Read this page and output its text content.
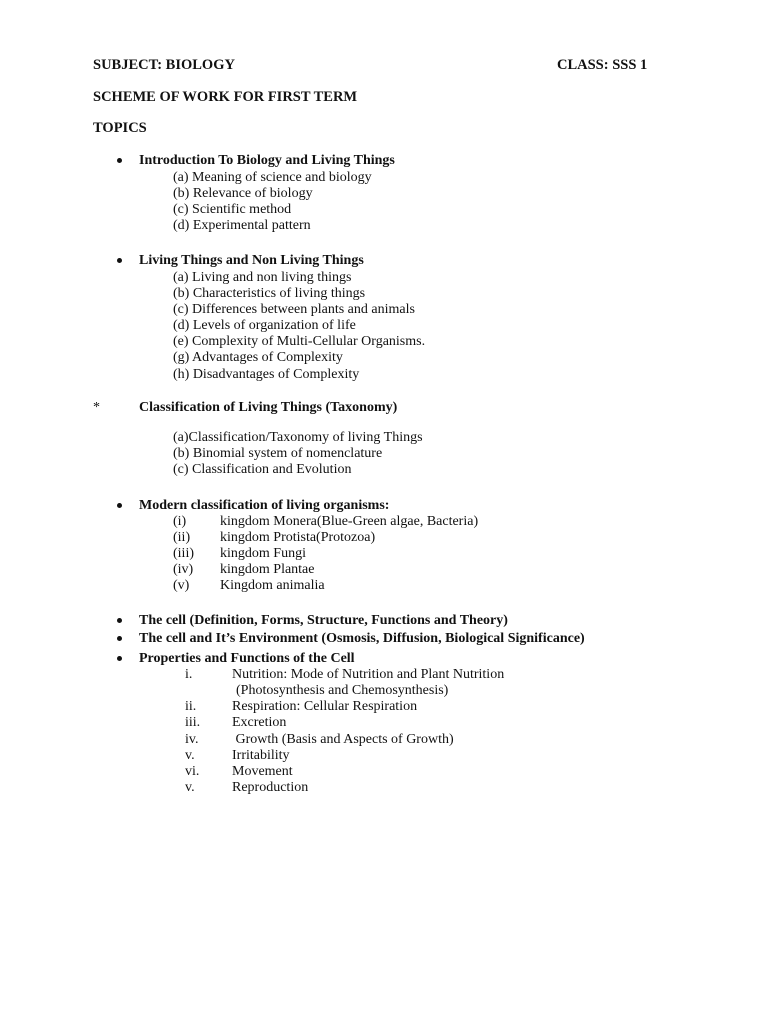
SUBJECT: BIOLOGY	CLASS: SSS 1
SCHEME OF WORK FOR FIRST TERM
TOPICS
Introduction To Biology and Living Things
(a) Meaning of science and biology
(b) Relevance of biology
(c) Scientific method
(d) Experimental pattern
Living Things and Non Living Things
(a) Living and non living things
(b) Characteristics of living things
(c) Differences between plants and animals
(d) Levels of organization of life
(e) Complexity of Multi-Cellular Organisms.
(g) Advantages of Complexity
(h) Disadvantages of Complexity
*	Classification of Living Things (Taxonomy)
(a)Classification/Taxonomy of living Things
(b) Binomial system of nomenclature
(c) Classification and Evolution
Modern classification of living organisms:
(i) kingdom Monera(Blue-Green algae, Bacteria)
(ii) kingdom Protista(Protozoa)
(iii) kingdom Fungi
(iv) kingdom Plantae
(v) Kingdom animalia
The cell (Definition, Forms, Structure, Functions and Theory)
The cell and It’s Environment (Osmosis, Diffusion, Biological Significance)
Properties and Functions of the Cell
i.	Nutrition: Mode of Nutrition and Plant Nutrition
(Photosynthesis and Chemosynthesis)
ii.	Respiration: Cellular Respiration
iii. Excretion
iv. Growth (Basis and Aspects of Growth)
v.	Irritability
vi. Movement
v.	Reproduction
